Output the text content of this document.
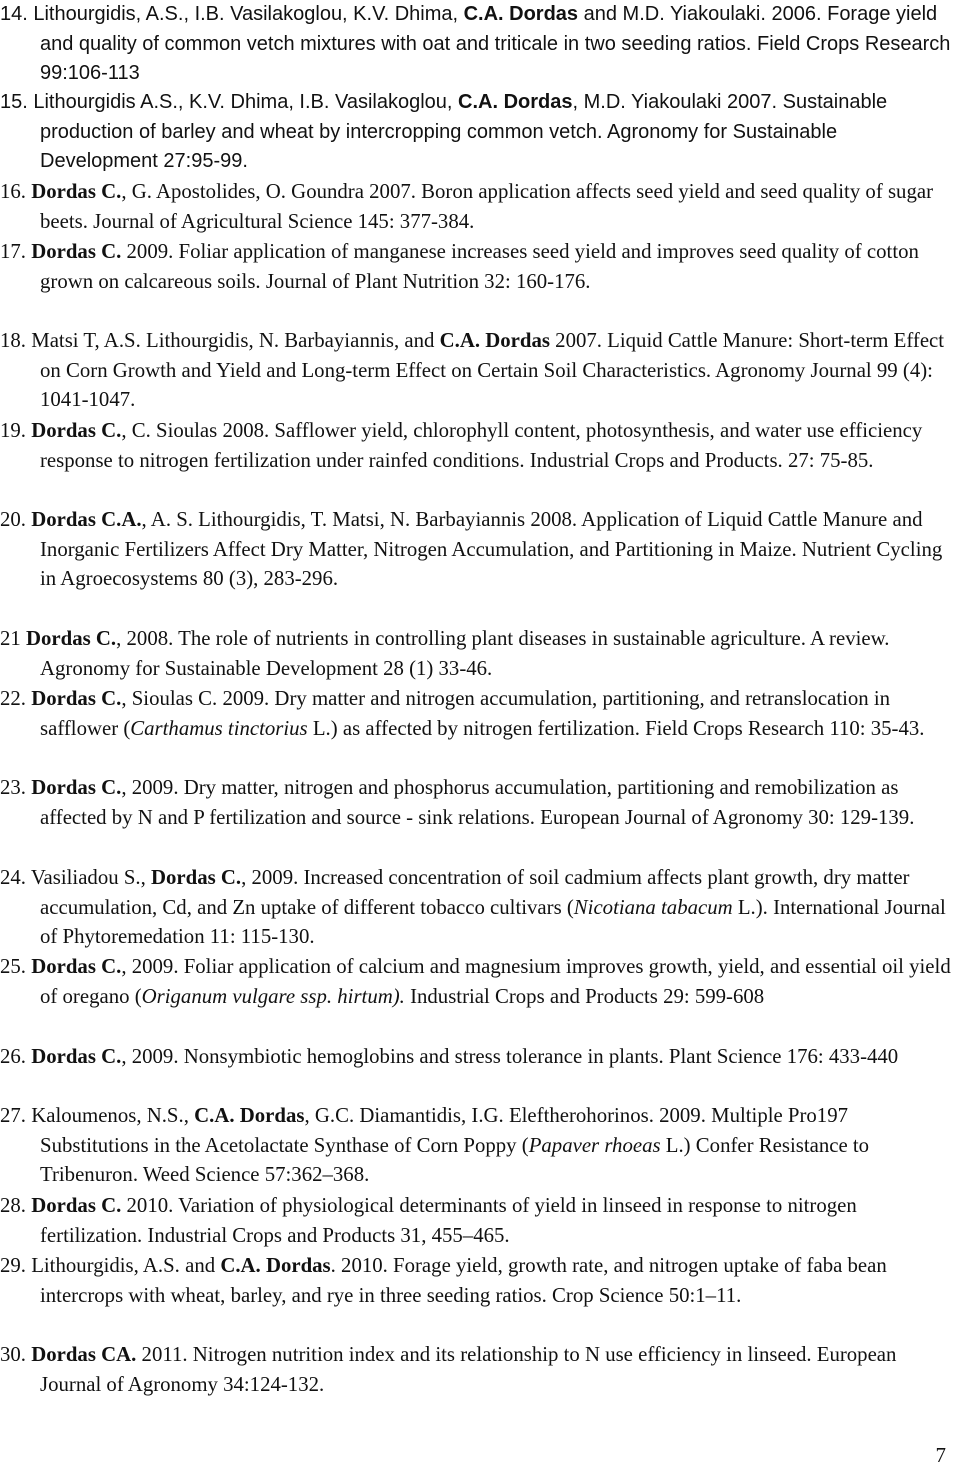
14. Lithourgidis, A.S., I.B. Vasilakoglou, K.V. Dhima, C.A. Dordas and M.D. Yiakoulaki. 2006. Forage yield and quality of common vetch mixtures with oat and triticale in two seeding ratios. Field Crops Research 99:106-113
15. Lithourgidis A.S., K.V. Dhima, I.B. Vasilakoglou, C.A. Dordas, M.D. Yiakoulaki 2007. Sustainable production of barley and wheat by intercropping common vetch. Agronomy for Sustainable Development 27:95-99.
16. Dordas C., G. Apostolides, O. Goundra 2007. Boron application affects seed yield and seed quality of sugar beets. Journal of Agricultural Science 145: 377-384.
17. Dordas C. 2009. Foliar application of manganese increases seed yield and improves seed quality of cotton grown on calcareous soils. Journal of Plant Nutrition 32: 160-176.
18. Matsi T, A.S. Lithourgidis, N. Barbayiannis, and C.A. Dordas 2007. Liquid Cattle Manure: Short-term Effect on Corn Growth and Yield and Long-term Effect on Certain Soil Characteristics. Agronomy Journal 99 (4): 1041-1047.
19. Dordas C., C. Sioulas 2008. Safflower yield, chlorophyll content, photosynthesis, and water use efficiency response to nitrogen fertilization under rainfed conditions. Industrial Crops and Products. 27: 75-85.
20. Dordas C.A., A. S. Lithourgidis, T. Matsi, N. Barbayiannis 2008. Application of Liquid Cattle Manure and Inorganic Fertilizers Affect Dry Matter, Nitrogen Accumulation, and Partitioning in Maize. Nutrient Cycling in Agroecosystems 80 (3), 283-296.
21 Dordas C., 2008. The role of nutrients in controlling plant diseases in sustainable agriculture. A review. Agronomy for Sustainable Development 28 (1) 33-46.
22. Dordas C., Sioulas C. 2009. Dry matter and nitrogen accumulation, partitioning, and retranslocation in safflower (Carthamus tinctorius L.) as affected by nitrogen fertilization. Field Crops Research 110: 35-43.
23. Dordas C., 2009. Dry matter, nitrogen and phosphorus accumulation, partitioning and remobilization as affected by N and P fertilization and source - sink relations. European Journal of Agronomy 30: 129-139.
24. Vasiliadou S., Dordas C., 2009. Increased concentration of soil cadmium affects plant growth, dry matter accumulation, Cd, and Zn uptake of different tobacco cultivars (Nicotiana tabacum L.). International Journal of Phytoremedation 11: 115-130.
25. Dordas C., 2009. Foliar application of calcium and magnesium improves growth, yield, and essential oil yield of oregano (Origanum vulgare ssp. hirtum). Industrial Crops and Products 29: 599-608
26. Dordas C., 2009. Nonsymbiotic hemoglobins and stress tolerance in plants. Plant Science 176: 433-440
27. Kaloumenos, N.S., C.A. Dordas, G.C. Diamantidis, I.G. Eleftherohorinos. 2009. Multiple Pro197 Substitutions in the Acetolactate Synthase of Corn Poppy (Papaver rhoeas L.) Confer Resistance to Tribenuron. Weed Science 57:362–368.
28. Dordas C. 2010. Variation of physiological determinants of yield in linseed in response to nitrogen fertilization. Industrial Crops and Products 31, 455–465.
29. Lithourgidis, A.S. and C.A. Dordas. 2010. Forage yield, growth rate, and nitrogen uptake of faba bean intercrops with wheat, barley, and rye in three seeding ratios. Crop Science 50:1–11.
30. Dordas CA. 2011. Nitrogen nutrition index and its relationship to N use efficiency in linseed. European Journal of Agronomy 34:124-132.
7
